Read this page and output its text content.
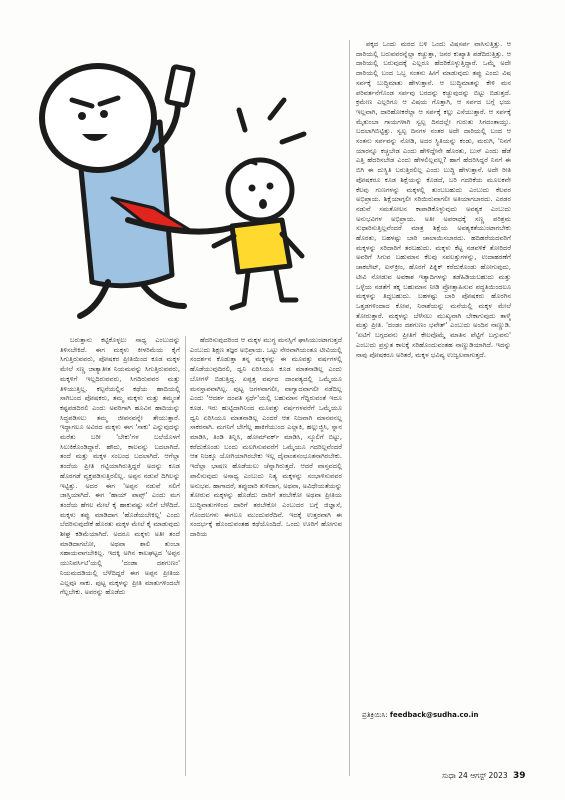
ಬರುತ್ತಾನು ಕಟ್ಟಿಕೊಳ್ಳಲು ಸಾಧ್ಯ ಎಂಬುದನ್ನು ತಿಳಿಸಬೇಕಿದೆ. ಈಗ ಮಕ್ಕಳು ಕೀಳರಿಮೆಯ ಕೈಗೆ ಸಿಗುತ್ತಿರುವವರು, ಪೋಷಕರ ಪ್ರೀತಿಯಿಂದ ಕೂಡ ಮಕ್ಕಳ ಮೇಲೆ ಸಣ್ಣ ಜಾತ್ಯಾತೀತ ನಿಯಮವನ್ನು ಸಿಗುತ್ತಿರುವವರು, ಮಕ್ಕಳಿಗೆ ಇಲ್ಲದಿರುವವರು, ಸಿಗದಿರುವವರ ಮತ್ತು ತಿಳಿಯುತ್ತಿಲ್ಲ. ಕಲ್ಪನೆಯಲ್ಲಿನ ಕಥೆಯ ಹಾದಿಯಲ್ಲಿ ಸಾಗಿಬಂದ ಪೋಷಕರು, ತಮ್ಮ ಮಕ್ಕಳು ಮತ್ತು ತಮ್ಮಂತೆ ಕಷ್ಟಪಡದಿರಲಿ ಎಂದು ಅವರಿಗಾಗಿ ಹೂವಿನ ಹಾದಿಯನ್ನು ಸಿದ್ಧಪಡಿಸಲು ತಮ್ಮ ಜೀವನವನ್ನೇ ತೇಯುತ್ತಾರೆ. ಇದ್ದಾಗಲೂ ಅವಿರದ ಮಕ್ಕಳು ಈಗ 'ಸಾಕು' ಎನ್ನುವುದನ್ನು ಮರೆತು ಬರೀ 'ಬೇಕು'ಗಳ ಬಲೆಯೊಳಗೆ ಸಿಲುಕಿಕೊಂಡಿದ್ದಾರೆ. ಹೌದು, ಕಾಲವನ್ನು ಬದಲಾಗಿದೆ. ತಂದೆ ಮತ್ತು ಮಕ್ಕಳ ಸಂಬಂಧ ಬದಲಾಗಿದೆ. ಆಗೆಲ್ಲಾ ತಂದೆಯ ಪ್ರೀತಿ ಗಟ್ಟಿಯಾಗಿರುತ್ತಿದ್ದರೆ ಅದನ್ನು ಕೂಡ ಹೊರಗಡೆ ವ್ಯಕ್ತಪಡಿಸುತ್ತಿರಲಿಲ್ಲ. ಅಪ್ಪನ ನಡುವೆ ದಿಗಿಲನ್ನು ಇಟ್ಟಿತ್ತು. ಅದರ ಈಗ 'ಅಪ್ಪನ ನಡುವೆ ಸಲಿಗೆ ಜಾಸ್ತಿಯಾಗಿದೆ. ಈಗ 'ಹಾಯ್ ಪಾಪ್ಸ್' ಎಂದು ಮಗ ತಂದೆಯ ಹೆಗಲ ಮೇಲೆ ಕೈ ಹಾಕುವಷ್ಟು ಸಲಿಗೆ ಬೆಳೆದಿದೆ. ಮಕ್ಕಳು ತಪ್ಪು ಮಾಡಿದಾಗ 'ಹೊಡೆಯಬೇಕಿಲ್ಲ' ಎಂದು ಬೆದರಿಸುವುದೇಕೆ ಹೊರತು ಮಕ್ಕಳ ಮೇಲೆ ಕೈ ಮಾಡುವುದು ಶೀಘ್ರ ಕಡಿಮೆಯಾಗಿದೆ. ಅದರೂ ಮಕ್ಕಳು ಅತೀ ತಂದೆ ಮಾಡಿದಾಗಲೋ, ಅಥವಾ ಶಾಲಿ ತುಂಬಾ ಸಹಾಯವಾಗಬೇಕಿಲ್ಲ. ಇದಕ್ಕಿ ಅಗಿನ ಕಾಲಘಟ್ಟದ 'ಅಪ್ಪನ ಯುನಿವರ್ಸಿಟಿ'ಯಲ್ಲಿ 'ದಂಡಾ ದಶಗುಣಂ' ನಿಯಮದಡಿಯಲ್ಲಿ ಬೆಳೆದಿದ್ದರೆ ಈಗ ಅಪ್ಪನ ಪ್ರೀತಿಯ ಎಲ್ಲವೂ ಸಾಕು. ಪುಟ್ಟ ಮಕ್ಕಳನ್ನು ಪ್ರೀತಿ ಮಾತುಗಳಿಂದಲೇ ಗೆಲ್ಲಬೇಕು. ಅವರನ್ನು ಹೊಡೆದು

ಹೆದರಿಸುವುದರಿಂದ ಆ ಮಕ್ಕಳ ಮುಗ್ಧ ಮನಸ್ಸಿಗೆ ಘಾಸಿಯುಂಟಾಗುತ್ತದೆ ಎಂಬುದು ಶಿಕ್ಷಣ ತಜ್ಞರ ಅಭಿಪ್ರಾಯ. ಒಟ್ಟು ನೇರವಾಗಿಯಂತೂ ಟೀವಿಯಲ್ಲಿ ಸಂದರ್ಶನ ಕೊಡುತ್ತಾ ತನ್ನ ಮಕ್ಕಳನ್ನು ಈ ಮೂವತ್ತು ವರ್ಷಗಳಲ್ಲಿ ಹೊಡೆಯುವುದಿರಲಿ, ಧ್ವನಿ ಏರಿಸಿಯೂ ಕೂಡ ಮಾತನಾಡಿಲ್ಲ ಎಂದು ಬೋಗಳೆ ಬಿಡುತ್ತಿದ್ದ. ಏಪ್ಪತ್ತ ವರ್ಷದ ದಾಂಪತ್ಯದಲ್ಲಿ ಒಮ್ಮೆಯೂ ಮನಸ್ತಾಪವಾಗಿಲ್ಲ. ಪುಟ್ಟ ಜಗಳವಾಗಲೀ, ವಾಗ್ವಾದವಾಗಲೀ ನಡೆದಿಲ್ಲ ಎಂದು 'ಆದರ್ಶ ದಂಪತಿ ಸ್ಪರ್ಧೆ'ಯಲ್ಲಿ ಬಹುಮಾನ ಗೆದ್ದಿರುವಂತೆ ಇದೂ ಕೂಡ. ಇರು ಹುಟ್ಟಿದಾಗಿನಿಂದ ಮೂವತ್ತು ವರ್ಷಗಳವರೆಗೆ ಒಮ್ಮೆಯೂ ಧ್ವನಿ ಏರಿಸಿಯೂ ಮಾತನಾಡಿಲ್ಲ ಎಂದರೆ ಆತ ನಿಜವಾಗಿ ಮಾನವನಲ್ಲ ಸಾಕರನಾಗಿ. ಮಗನಿಗೆ ಬೇಗೆಲ್ಲ ಹಾಕಿಗೆಯುಂದ ಎಲ್ಲಾಕಿ, ಹಲ್ಲುಜ್ಜಿಸಿ, ಸ್ನಾನ ಮಾಡಿಸಿ, ತಿಂಡಿ ತಿನ್ನಿಸಿ, ಹೋಮ್‌ವರ್ಕ್ ಮಾಡಿಸಿ, ಸ್ಕೂಲಿಗೆ ಬಿಟ್ಟು, ಕರೆದುಕೊಂಡು ಬಂದು ಮಲಗಿಸುವವರೆಗೆ ಒಮ್ಮೆಯೂ ಗದರಿಲ್ಲವೆಂದರೆ ಆತ ನಿಜಕ್ಕೂ ಯೋಗಿಯಾಗಿರಬೇಕು ಇಲ್ಲ ದೈವಾಂಶಸಂಭೂತನಾಗಿರಬೇಕು. ಇದೆಲ್ಲಾ ಭಾಷಣ ಹೊಡೆಯಲು ಚೆನ್ನಾಗಿರುತ್ತದೆ. ಆದರೆ ವಾಸ್ತವದಲ್ಲಿ ಪಾಲಿಸುವುದು ಅಸಾಧ್ಯ ಎಂಬುದು ನಿತ್ಯ ಮಕ್ಕಳನ್ನು ಸಂಭಾಳಿಸುವವರ ಅನುಭವ. ಹಾಗಾದರೆ, ತಪ್ಪುದಾರಿ ತುಳಿದಾಗ, ಅಥವಾ, ಅವಿಧೇಯತೆಯನ್ನು ತೋರುವ ಮಕ್ಕಳನ್ನು ಹೊಡೆದು ದಾರಿಗೆ ತರಬೇಕೋ ಅಥವಾ ಪ್ರೀತಿಯ ಬುದ್ಧಿವಾತುಗಳಿಂದ ದಾರಿಗೆ ತರಬೇಕೋ ಎಂಬುದರ ಬಗ್ಗೆ ಜಿಜ್ಞಾಸೆ, ಗೊಂದಲಗಳು ಈಗಲೂ ಮುಂದುವರೆದಿವೆ. ಇದಕ್ಕೆ ಉತ್ತರವಾಗಿ ಈ ಸಂದರ್ಭಕ್ಕೆ ಹೊಂದುವಂತಹ ಕಥೆಯೊಂದಿದೆ. ಒಂದು ಊರಿಗೆ ಹೋಗುವ ದಾರಿಯ

ಪಕ್ಕದ ಒಂದು ಮರದ ಬಳಿ ಒಂದು ವಿಷಸರ್ಪ ವಾಸಿಸುತ್ತಿತ್ತು. ಆ ದಾರಿಯಲ್ಲಿ ಬರುವವರನ್ನೆಲ್ಲಾ ಕಚ್ಚುತ್ತಾ, ಜನರ ಕುಖ್ಯಾತಿ ಪಡೆದಿರುತ್ತಿತ್ತು. ಆ ದಾರಿಯಲ್ಲಿ ಬರುವುದಕ್ಕೆ ಎಲ್ಲರೂ ಹೆದರಿಕೊಳ್ಳುತ್ತಿದ್ದಾರೆ. ಒಮ್ಮೆ ಅದೇ ದಾರಿಯಲ್ಲಿ ಬಂದ ಒಬ್ಬ ಸಂತನು ಹೀಗೆ ಮಾಡುವುದು ತಪ್ಪು ಎಂದು ವಿಷ ಸರ್ಪಕ್ಕೆ ಬುದ್ಧಿಮಾತು ಹೇಳುತ್ತಾನೆ. ಆ ಬುದ್ಧಿಮಾತನ್ನು ಕೇಳಿ ಮನ ಪರಿವರ್ತನೆಗೊಂಡ ಸರ್ಪವು ಬರದನ್ನು ಕಚ್ಚುವುದನ್ನು ಬಿಟ್ಟು ಬಿಡುತ್ತದೆ. ಕ್ರಮೇಣ ಎಲ್ಲರಿಗೂ ಆ ವಿಷಯ ಗೊತ್ತಾಗಿ, ಆ ಸರ್ಪದ ಬಗ್ಗೆ ಭಯ ಇಲ್ಲವಾಗಿ, ದಾರಿಹೋಕರೆಲ್ಲಾ ಆ ಸರ್ಪಕ್ಕೆ ಕಲ್ಲು ಎಸೆಯುತ್ತಾರೆ. ಆ ಸರ್ಪಕ್ಕೆ ಮೈತುಂಬಾ ಗಾಯಗಳಾಗಿ ಸ್ವಲ್ಪ ದಿನದಲ್ಲೇ ಗುರುತು ಸಿಗದಂತಾಯ್ತು. ಬದಲಾಗಿಬಿಟ್ಟಿತ್ತು. ಸ್ವಲ್ಪ ದಿನಗಳ ನಂತರ ಅದೇ ದಾರಿಯಲ್ಲಿ ಬಂದ ಆ ಸಂತನು ಸರ್ಪವನ್ನು ನೋಡಿ, ಅದರ ಸ್ಥಿತಿಯನ್ನು ಕಂಡು, ಮರುಗಿ, 'ನಿನಗೆ ಯಾರನ್ನೂ ಕಚ್ಚಬೇಡ ಎಂದು ಹೇಳಿದ್ದೇನೇ ಹೊರತು, ಬುಸ್ ಎಂದು ಹೆಡೆ ಎತ್ತಿ ಹೆದರಿಸಬೇಡ ಎಂದು ಹೇಳಲಿಲ್ಲವಲ್ಲ? ಹಾಗೆ ಹೆದರಿಸಿದ್ದರೆ ನಿನಗೆ ಈ ಬಿಗಿ ಈ ದುಸ್ಥಿತಿ ಬರುತ್ತಿರಲಿಲ್ಲ ಎಂದು ಬುದ್ಧಿ ಹೇಳುತ್ತಾನೆ. ಅದೇ ರೀತಿ ಪೋಷಕರೂ ಕೂಡ ಶಿಕ್ಷೆಯನ್ನು ಕೊಡದೆ, ಬರಿ ಗದರಿಕೆಯ ಮೂಲಕವೇ ಕೆಲವು ಗುಣಗಳನ್ನು ಮಕ್ಕಳಲ್ಲಿ ತುಂಬಬಹುದು ಎಂಬುದು ಕೆಲವರ ಅಭಿಪ್ರಾಯ. ಶಿಕ್ಷೆಯಾಗ್ಗಲೀ ಸರಿಯಿರುವಾಗಲೀ ಅತಿಯಾಗಬಾರದು. ಎರಡರ ನಡುವೆ ಸಮತೋಲನ ಕಾಪಾಡಿಕೊಳ್ಳುವುದು ಅವಶ್ಯಕ ಎಂಬುದು ಅನುಭವಿಗಳ ಅಭಿಪ್ರಾಯ. ಅತೀ ಅಪರಾಧಕ್ಕೆ ಸಣ್ಣ ಪರಿಶ್ರಮ ಸುಧಾರಿಸುತ್ತಿಲ್ಲವೆಂದರೆ ಮಾತ್ರ ಶಿಕ್ಷೆಯ ಅವಶ್ಯಕತೆಯುಂಟಾಗಬೇಕು ಹೊರತು, ಬಹಳಷ್ಟು ಬಾರಿ ಚಾಲಾಯಿಸಬಾರದು. ಹದಿಹರೆಯದವರಿಗೆ ಮಕ್ಕಳನ್ನು ಸರಿದಾರಿಗೆ ತರಬಹುದು. ಮಕ್ಕಳು ಕೆಟ್ಟ ನಡವಳಿಕೆ ತೋರಿದರೆ ಅವರಿಗೆ ಸಿಗುವ ಬಹುಮಾನ ಕೆಲವು ಸವಲತ್ತುಗಳನ್ನು, ಉದಾಹರಣೆಗೆ ಚಾಕಲೇಟ್, ಐಸ್‌ಕ್ರೀಂ, ಹೊರಗೆ ಪಿಕ್ನಿಕ್ ಕರೆದುಕೊಂಡು ಹೋಗುವುದು, ಟೀವಿ ನೋಡುವ ಅವಕಾಶ ಇತ್ಯಾದಿಗಳನ್ನು ತಡೆಹಿಡಿಯಬಹುದು ಮತ್ತು ಒಳ್ಳೆಯ ನಡತೆಗೆ ತಕ್ಕ ಬಹುಮಾನ ನೀಡಿ ಪ್ರೋತ್ಸಾಹಿಸುವ ಪದ್ಧತಿಯಿಂದಲೂ ಮಕ್ಕಳನ್ನು ತಿದ್ದಬಹುದು. ಬಹಳಷ್ಟು ಬಾರಿ ಪೋಷಕರು ಹೊರಗಿನ ಒತ್ತಡಗಳಿಂದಾದ ಕೋಪ, ನಿರಾಶೆಯನ್ನು ಮನೆಯಲ್ಲಿ ಮಕ್ಕಳ ಮೇಲೆ ತೋರುತ್ತಾರೆ. ಮಕ್ಕಳನ್ನು ಬೆಳೆಸಲು ಮುಖ್ಯವಾಗಿ ಬೇಕಾಗುವುದು ತಾಳ್ಮೆ ಮತ್ತು ಪ್ರೀತಿ. 'ದಂಡಂ ದಶಗುಣಂ ಭವೇತ್' ಎಂಬುದು ಅಂದಿನ ನಾಣ್ಣುಡಿ. 'ಏಟಿಗೆ ಬಗ್ಗದವನು ಪ್ರೀತಿಗೆ ಕೇಲವೊಮ್ಮೆ ಮಾತಿನ ಪೆಟ್ಟಿಗೆ ಬಗ್ಗುವನು' ಎಂಬುದು ಪ್ರಸ್ತುತ ಕಾಲಕ್ಕೆ ಸರಿಹೊಂದುವಂತಹ ನಾಣ್ಣುಡಿಯಾಗಿದೆ. ಇದನ್ನು ನಾವು ಪೋಷಕರೂ ಅರಿತರೆ, ಮಕ್ಕಳ ಭವಿಷ್ಯ ಉಜ್ವಲವಾಗುತ್ತದೆ.

ಪ್ರತಿಕ್ರಿಯಿಸಿ: feedback@sudha.co.in
ಸುಧಾ 24 ಆಗಸ್ಟ್ 2023 39
